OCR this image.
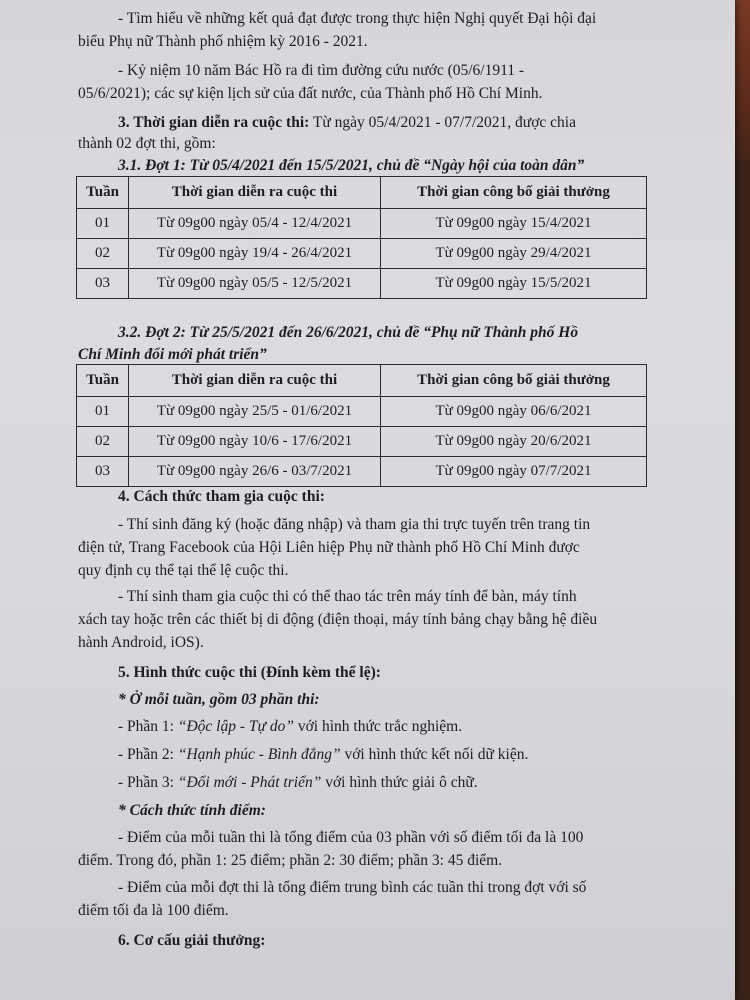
- Tìm hiểu về những kết quả đạt được trong thực hiện Nghị quyết Đại hội đại

biểu Phụ nữ Thành phố nhiệm kỳ 2016 - 2021.

- Kỷ niệm 10 năm Bác Hồ ra đi tìm đường cứu nước (05/6/1911 -

05/6/2021); các sự kiện lịch sử của đất nước, của Thành phố Hồ Chí Minh.

3. Thời gian diễn ra cuộc thi: Từ ngày 05/4/2021 - 07/7/2021, được chia

thành 02 đợt thi, gồm:

3.1. Đợt 1: Từ 05/4/2021 đến 15/5/2021, chủ đề “Ngày hội của toàn dân”

Tuần	Thời gian diễn ra cuộc thi	Thời gian công bố giải thưởng
01	Từ 09g00 ngày 05/4 - 12/4/2021	Từ 09g00 ngày 15/4/2021
02	Từ 09g00 ngày 19/4 - 26/4/2021	Từ 09g00 ngày 29/4/2021
03	Từ 09g00 ngày 05/5 - 12/5/2021	Từ 09g00 ngày 15/5/2021

3.2. Đợt 2: Từ 25/5/2021 đến 26/6/2021, chủ đề “Phụ nữ Thành phố Hồ

Chí Minh đổi mới phát triển”

Tuần	Thời gian diễn ra cuộc thi	Thời gian công bố giải thưởng
01	Từ 09g00 ngày 25/5 - 01/6/2021	Từ 09g00 ngày 06/6/2021
02	Từ 09g00 ngày 10/6 - 17/6/2021	Từ 09g00 ngày 20/6/2021
03	Từ 09g00 ngày 26/6 - 03/7/2021	Từ 09g00 ngày 07/7/2021

4. Cách thức tham gia cuộc thi:

- Thí sinh đăng ký (hoặc đăng nhập) và tham gia thi trực tuyến trên trang tin

điện tử, Trang Facebook của Hội Liên hiệp Phụ nữ thành phố Hồ Chí Minh được

quy định cụ thể tại thể lệ cuộc thi.

- Thí sinh tham gia cuộc thi có thể thao tác trên máy tính để bàn, máy tính

xách tay hoặc trên các thiết bị di động (điện thoại, máy tính bảng chạy bằng hệ điều

hành Android, iOS).

5. Hình thức cuộc thi (Đính kèm thể lệ):

* Ở mỗi tuần, gồm 03 phần thi:

- Phần 1: “Độc lập - Tự do” với hình thức trắc nghiệm.

- Phần 2: “Hạnh phúc - Bình đẳng” với hình thức kết nối dữ kiện.

- Phần 3: “Đổi mới - Phát triển” với hình thức giải ô chữ.

* Cách thức tính điểm:

- Điểm của mỗi tuần thi là tổng điểm của 03 phần với số điểm tối đa là 100

điểm. Trong đó, phần 1: 25 điểm; phần 2: 30 điểm; phần 3: 45 điểm.

- Điểm của mỗi đợt thi là tổng điểm trung bình các tuần thi trong đợt với số

điểm tối đa là 100 điểm.

6. Cơ cấu giải thưởng:
